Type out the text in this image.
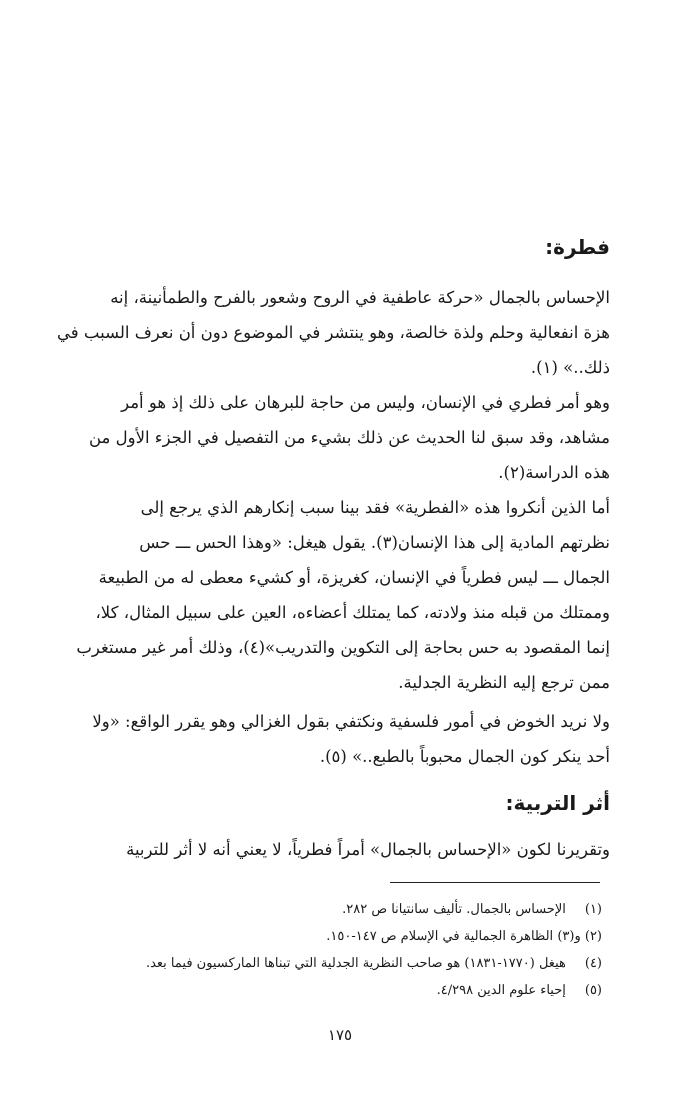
فطرة:

الإحساس بالجمال «حركة عاطفية في الروح وشعور بالفرح والطمأنينة، إنه
هزة انفعالية وحلم ولذة خالصة، وهو ينتشر في الموضوع دون أن نعرف السبب في
ذلك..» (١).

وهو أمر فطري في الإنسان، وليس من حاجة للبرهان على ذلك إذ هو أمر
مشاهد، وقد سبق لنا الحديث عن ذلك بشيء من التفصيل في الجزء الأول من
هذه الدراسة(٢).

أما الذين أنكروا هذه «الفطرية» فقد بينا سبب إنكارهم الذي يرجع إلى
نظرتهم المادية إلى هذا الإنسان(٣). يقول هيغل: «وهذا الحس ـــ حس
الجمال ـــ ليس فطرياً في الإنسان، كغريزة، أو كشيء معطى له من الطبيعة
وممتلك من قبله منذ ولادته، كما يمتلك أعضاءه، العين على سبيل المثال، كلا،
إنما المقصود به حس بحاجة إلى التكوين والتدريب»(٤)، وذلك أمر غير مستغرب
ممن ترجع إليه النظرية الجدلية.

ولا نريد الخوض في أمور فلسفية ونكتفي بقول الغزالي وهو يقرر الواقع: «ولا
أحد ينكر كون الجمال محبوباً بالطبع..» (٥).

أثر التربية:

وتقريرنا لكون «الإحساس بالجمال» أمراً فطرياً، لا يعني أنه لا أثر للتربية

(١) الإحساس بالجمال. تأليف سانتيانا ص ٢٨٢.
(٢) و(٣) الظاهرة الجمالية في الإسلام ص ١٤٧-١٥٠.
(٤) هيغل (١٧٧٠-١٨٣١) هو صاحب النظرية الجدلية التي تبناها الماركسيون فيما بعد.
(٥) إحياء علوم الدين ٤/٢٩٨.
١٧٥
